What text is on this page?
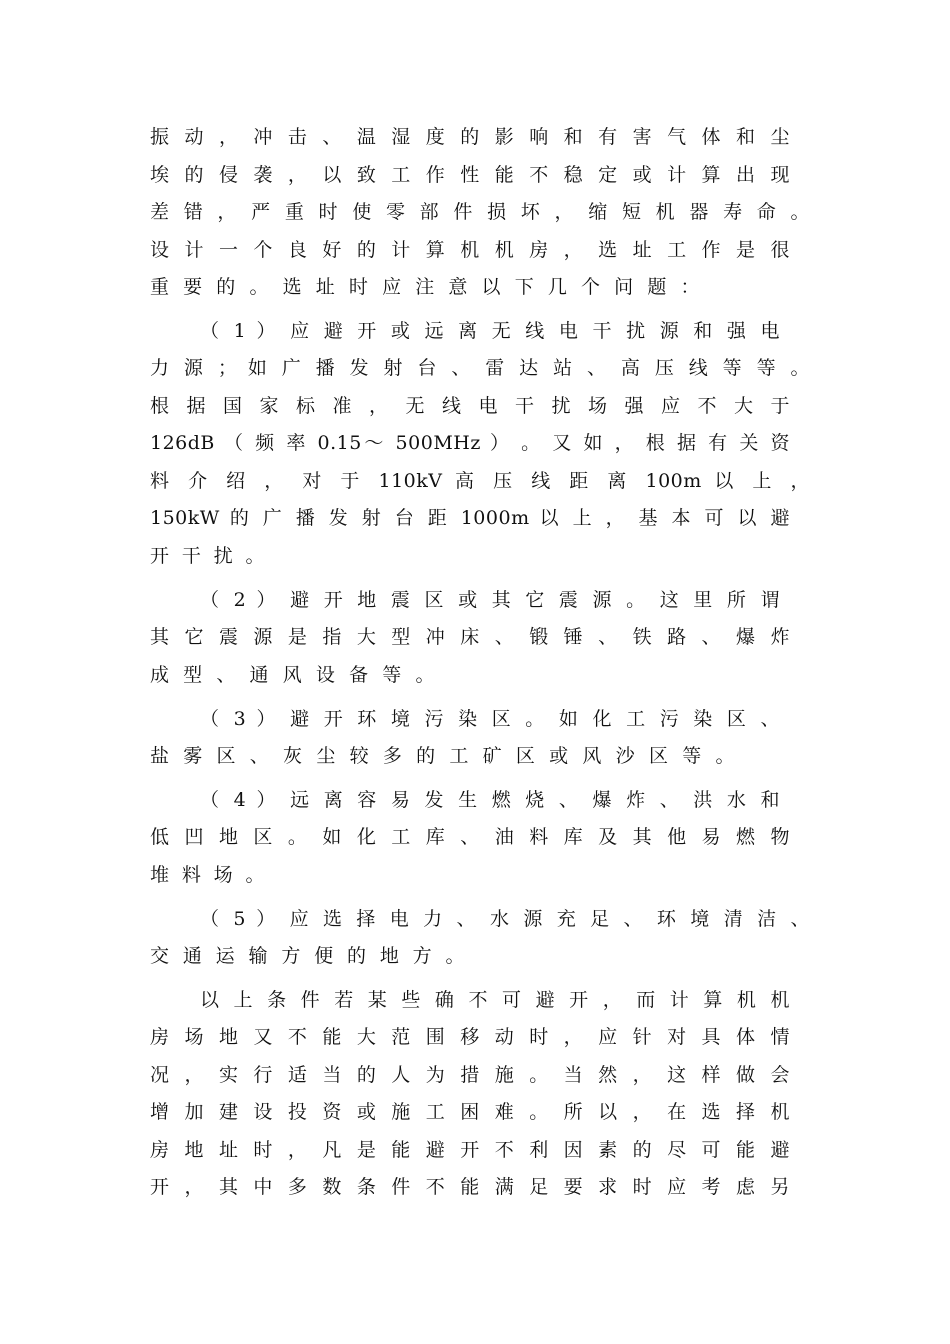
振 动 ， 冲 击 、 温 湿 度 的 影 响 和 有 害 气 体 和 尘
埃 的 侵 袭 ， 以 致 工 作 性 能 不 稳 定 或 计 算 出 现
差 错 ， 严 重 时 使 零 部 件 损 坏 ， 缩 短 机 器 寿 命 。
设 计 一 个 良 好 的 计 算 机 机 房 ， 选 址 工 作 是 很
重 要 的 。 选 址 时 应 注 意 以 下 几 个 问 题 ：
（ 1 ） 应 避 开 或 远 离 无 线 电 干 扰 源 和 强 电
力 源 ； 如 广 播 发 射 台 、 雷 达 站 、 高 压 线 等 等 。
根 据 国 家 标 准 ， 无 线 电 干 扰 场 强 应 不 大 于
126dB （ 频 率 0.15～ 500MHz ） 。 又 如 ， 根 据 有 关 资
料 介 绍 ， 对 于 110kV 高 压 线 距 离 100m 以 上 ，
150kW 的 广 播 发 射 台 距 1000m 以 上 ， 基 本 可 以 避
开 干 扰 。
（ 2 ） 避 开 地 震 区 或 其 它 震 源 。 这 里 所 谓
其 它 震 源 是 指 大 型 冲 床 、 锻 锤 、 铁 路 、 爆 炸
成 型 、 通 风 设 备 等 。
（ 3 ） 避 开 环 境 污 染 区 。 如 化 工 污 染 区 、
盐 雾 区 、 灰 尘 较 多 的 工 矿 区 或 风 沙 区 等 。
（ 4 ） 远 离 容 易 发 生 燃 烧 、 爆 炸 、 洪 水 和
低 凹 地 区 。 如 化 工 库 、 油 料 库 及 其 他 易 燃 物
堆 料 场 。
（ 5 ） 应 选 择 电 力 、 水 源 充 足 、 环 境 清 洁 、
交 通 运 输 方 便 的 地 方 。
以 上 条 件 若 某 些 确 不 可 避 开 ， 而 计 算 机 机
房 场 地 又 不 能 大 范 围 移 动 时 ， 应 针 对 具 体 情
况 ， 实 行 适 当 的 人 为 措 施 。 当 然 ， 这 样 做 会
增 加 建 设 投 资 或 施 工 困 难 。 所 以 ， 在 选 择 机
房 地 址 时 ， 凡 是 能 避 开 不 利 因 素 的 尽 可 能 避
开 ， 其 中 多 数 条 件 不 能 满 足 要 求 时 应 考 虑 另
